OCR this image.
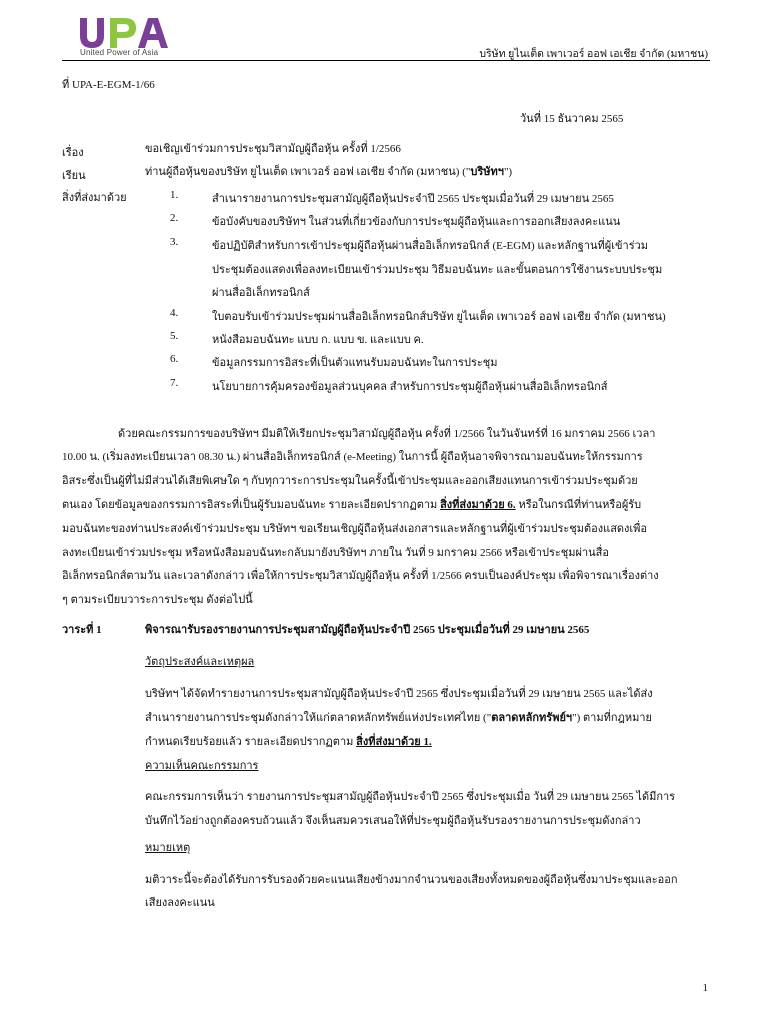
United Power of Asia	บริษัท ยูไนเต็ด เพาเวอร์ ออฟ เอเชีย จำกัด (มหาชน)
ที่ UPA-E-EGM-1/66
วันที่ 15 ธันวาคม 2565
เรื่อง	ขอเชิญเข้าร่วมการประชุมวิสามัญผู้ถือหุ้น ครั้งที่ 1/2566
เรียน	ท่านผู้ถือหุ้นของบริษัท ยูไนเต็ด เพาเวอร์ ออฟ เอเชีย จำกัด (มหาชน) ("บริษัทฯ")
สิ่งที่ส่งมาด้วย	1.	สำเนารายงานการประชุมสามัญผู้ถือหุ้นประจำปี 2565 ประชุมเมื่อวันที่ 29 เมษายน 2565
2.	ข้อบังคับของบริษัทฯ ในส่วนที่เกี่ยวข้องกับการประชุมผู้ถือหุ้นและการออกเสียงลงคะแนน
3.	ข้อปฏิบัติสำหรับการเข้าประชุมผู้ถือหุ้นผ่านสื่ออิเล็กทรอนิกส์ (E-EGM) และหลักฐานที่ผู้เข้าร่วม
ประชุมต้องแสดงเพื่อลงทะเบียนเข้าร่วมประชุม วิธีมอบฉันทะ และขั้นตอนการใช้งานระบบประชุม
ผ่านสื่ออิเล็กทรอนิกส์
4.	ใบตอบรับเข้าร่วมประชุมผ่านสื่ออิเล็กทรอนิกส์บริษัท ยูไนเต็ด เพาเวอร์ ออฟ เอเชีย จำกัด (มหาชน)
5.	หนังสือมอบฉันทะ แบบ ก. แบบ ข. และแบบ ค.
6.	ข้อมูลกรรมการอิสระที่เป็นตัวแทนรับมอบฉันทะในการประชุม
7.	นโยบายการคุ้มครองข้อมูลส่วนบุคคล สำหรับการประชุมผู้ถือหุ้นผ่านสื่ออิเล็กทรอนิกส์
ด้วยคณะกรรมการของบริษัทฯ มีมติให้เรียกประชุมวิสามัญผู้ถือหุ้น ครั้งที่ 1/2566 ในวันจันทร์ที่ 16 มกราคม 2566 เวลา
10.00 น. (เริ่มลงทะเบียนเวลา 08.30 น.) ผ่านสื่ออิเล็กทรอนิกส์ (e-Meeting) ในการนี้ ผู้ถือหุ้นอาจพิจารณามอบฉันทะให้กรรมการ
อิสระซึ่งเป็นผู้ที่ไม่มีส่วนได้เสียพิเศษใด ๆ กับทุกวาระการประชุมในครั้งนี้เข้าประชุมและออกเสียงแทนการเข้าร่วมประชุมด้วย
ตนเอง โดยข้อมูลของกรรมการอิสระที่เป็นผู้รับมอบฉันทะ รายละเอียดปรากฏตาม สิ่งที่ส่งมาด้วย 6. หรือในกรณีที่ท่านหรือผู้รับ
มอบฉันทะของท่านประสงค์เข้าร่วมประชุม บริษัทฯ ขอเรียนเชิญผู้ถือหุ้นส่งเอกสารและหลักฐานที่ผู้เข้าร่วมประชุมต้องแสดงเพื่อ
ลงทะเบียนเข้าร่วมประชุม หรือหนังสือมอบฉันทะกลับมายังบริษัทฯ ภายใน วันที่ 9 มกราคม 2566 หรือเข้าประชุมผ่านสื่อ
อิเล็กทรอนิกส์ตามวัน และเวลาดังกล่าว เพื่อให้การประชุมวิสามัญผู้ถือหุ้น ครั้งที่ 1/2566 ครบเป็นองค์ประชุม เพื่อพิจารณาเรื่องต่าง
ๆ ตามระเบียบวาระการประชุม ดังต่อไปนี้
วาระที่ 1	พิจารณารับรองรายงานการประชุมสามัญผู้ถือหุ้นประจำปี 2565 ประชุมเมื่อวันที่ 29 เมษายน 2565
วัตถุประสงค์และเหตุผล
บริษัทฯ ได้จัดทำรายงานการประชุมสามัญผู้ถือหุ้นประจำปี 2565 ซึ่งประชุมเมื่อวันที่ 29 เมษายน 2565 และได้ส่ง
สำเนารายงานการประชุมดังกล่าวให้แก่ตลาดหลักทรัพย์แห่งประเทศไทย ("ตลาดหลักทรัพย์ฯ") ตามที่กฎหมาย
กำหนดเรียบร้อยแล้ว รายละเอียดปรากฏตาม สิ่งที่ส่งมาด้วย 1.
ความเห็นคณะกรรมการ
คณะกรรมการเห็นว่า รายงานการประชุมสามัญผู้ถือหุ้นประจำปี 2565 ซึ่งประชุมเมื่อ วันที่ 29 เมษายน 2565 ได้มีการ
บันทึกไว้อย่างถูกต้องครบถ้วนแล้ว จึงเห็นสมควรเสนอให้ที่ประชุมผู้ถือหุ้นรับรองรายงานการประชุมดังกล่าว
หมายเหตุ
มติวาระนี้จะต้องได้รับการรับรองด้วยคะแนนเสียงข้างมากจำนวนของเสียงทั้งหมดของผู้ถือหุ้นซึ่งมาประชุมและออก
เสียงลงคะแนน
1
